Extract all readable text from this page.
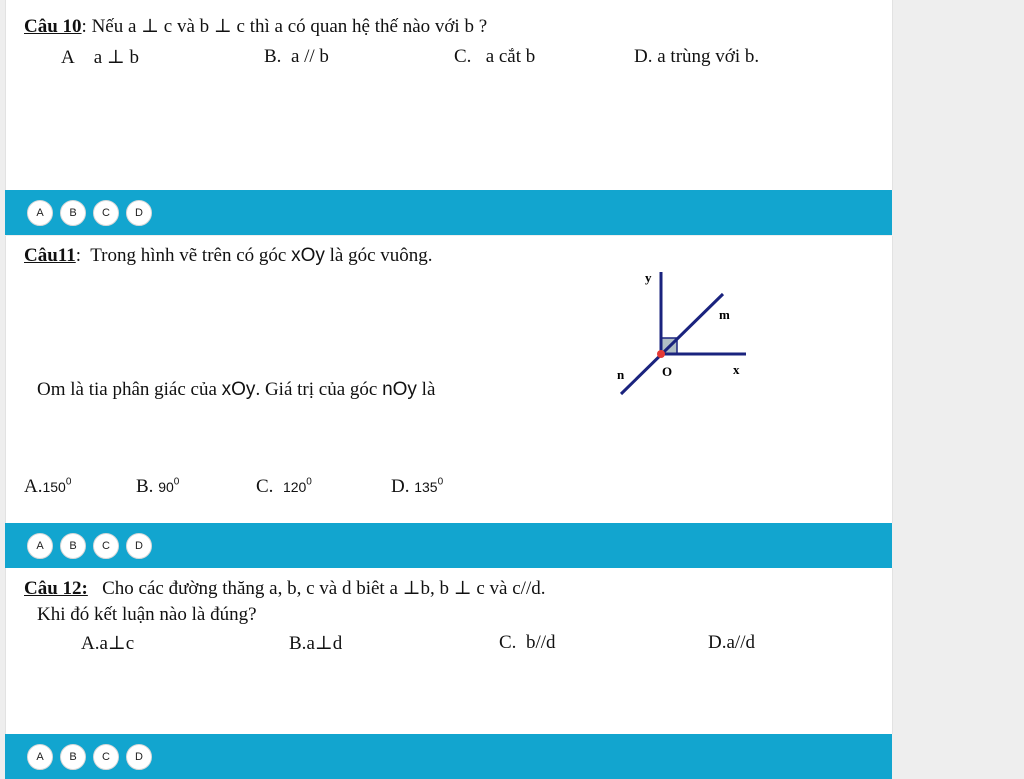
Câu 10: Nếu a ⊥ c và b ⊥ c thì a có quan hệ thế nào với b ?
A a ⊥ b	B. a // b	C. a cắt b	D. a trùng với b.
A	B	C	D
Câu11: Trong hình vẽ trên có góc xOy là góc vuông.
Om là tia phân giác của xOy. Giá trị của góc nOy là
y
m
n	O	x
A.150$^0$	B. $90^0$	C. $120^0$	D. $135^0$
A	B	C	D
Câu 12: Cho các đường thăng a, b, c và d biêt a ⊥b, b ⊥ c và c//d.
Khi đó kết luận nào là đúng?
A.a⊥c	B.a⊥d	C. b//d	D.a//d
A	B	C	D
